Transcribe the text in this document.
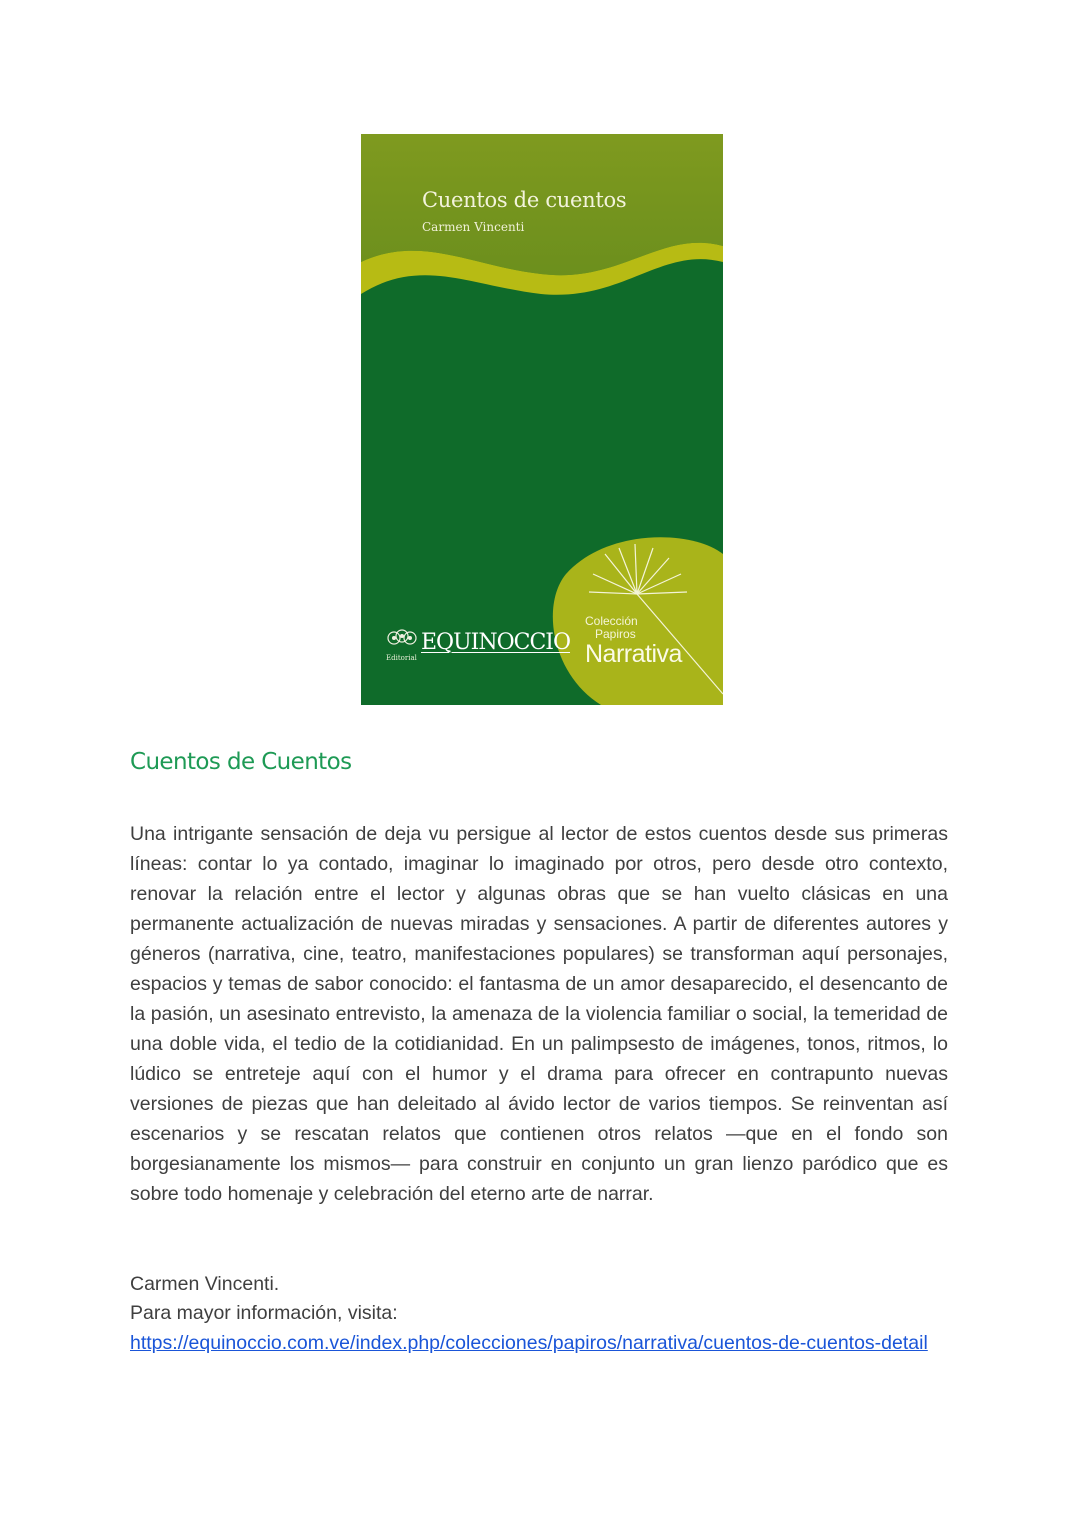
Cuentos de cuentos
Carmen Vincenti
Editorial
EQUINOCCIO
Colección
Papiros
Narrativa
Cuentos de Cuentos

Una intrigante sensación de deja vu persigue al lector de estos cuentos desde sus primeras líneas: contar lo ya contado, imaginar lo imaginado por otros, pero desde otro contexto, renovar la relación entre el lector y algunas obras que se han vuelto clásicas en una permanente actualización de nuevas miradas y sensaciones. A partir de diferentes autores y géneros (narrativa, cine, teatro, manifestaciones populares) se transforman aquí personajes, espacios y temas de sabor conocido: el fantasma de un amor desaparecido, el desencanto de la pasión, un asesinato entrevisto, la amenaza de la violencia familiar o social, la temeridad de una doble vida, el tedio de la cotidianidad. En un palimpsesto de imágenes, tonos, ritmos, lo lúdico se entreteje aquí con el humor y el drama para ofrecer en contrapunto nuevas versiones de piezas que han deleitado al ávido lector de varios tiempos. Se reinventan así escenarios y se rescatan relatos que contienen otros relatos —que en el fondo son borgesianamente los mismos— para construir en conjunto un gran lienzo paródico que es sobre todo homenaje y celebración del eterno arte de narrar.

Carmen Vincenti.
Para mayor información, visita:
https://equinoccio.com.ve/index.php/colecciones/papiros/narrativa/cuentos-de-cuentos-detail
